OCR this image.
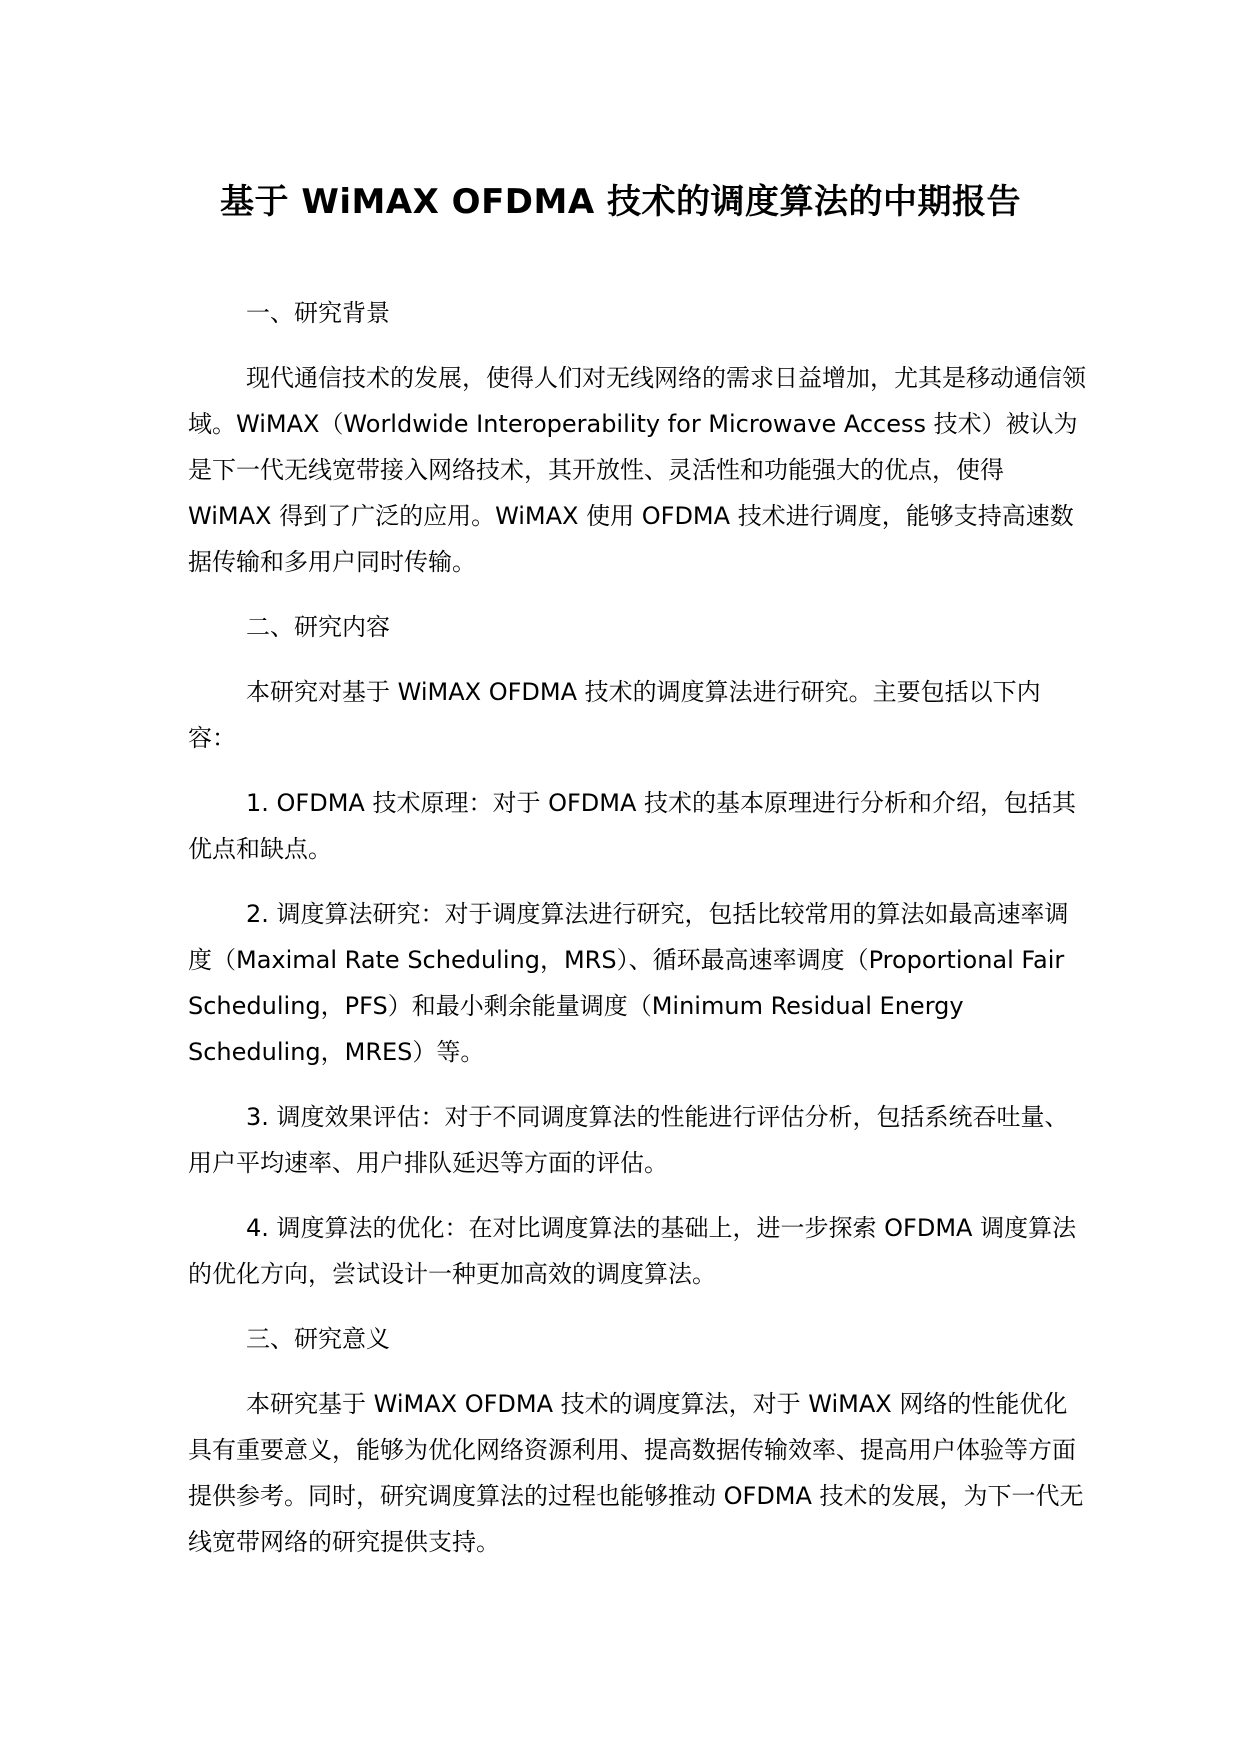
基于 WiMAX OFDMA 技术的调度算法的中期报告

一、研究背景

现代通信技术的发展，使得人们对无线网络的需求日益增加，尤其是移动通信领域。WiMAX（Worldwide Interoperability for Microwave Access 技术）被认为是下一代无线宽带接入网络技术，其开放性、灵活性和功能强大的优点，使得 WiMAX 得到了广泛的应用。WiMAX 使用 OFDMA 技术进行调度，能够支持高速数据传输和多用户同时传输。

二、研究内容

本研究对基于 WiMAX OFDMA 技术的调度算法进行研究。主要包括以下内容：

1. OFDMA 技术原理：对于 OFDMA 技术的基本原理进行分析和介绍，包括其优点和缺点。

2. 调度算法研究：对于调度算法进行研究，包括比较常用的算法如最高速率调度（Maximal Rate Scheduling，MRS）、循环最高速率调度（Proportional Fair Scheduling，PFS）和最小剩余能量调度（Minimum Residual Energy Scheduling，MRES）等。

3. 调度效果评估：对于不同调度算法的性能进行评估分析，包括系统吞吐量、用户平均速率、用户排队延迟等方面的评估。

4. 调度算法的优化：在对比调度算法的基础上，进一步探索 OFDMA 调度算法的优化方向，尝试设计一种更加高效的调度算法。

三、研究意义

本研究基于 WiMAX OFDMA 技术的调度算法，对于 WiMAX 网络的性能优化具有重要意义，能够为优化网络资源利用、提高数据传输效率、提高用户体验等方面提供参考。同时，研究调度算法的过程也能够推动 OFDMA 技术的发展，为下一代无线宽带网络的研究提供支持。
